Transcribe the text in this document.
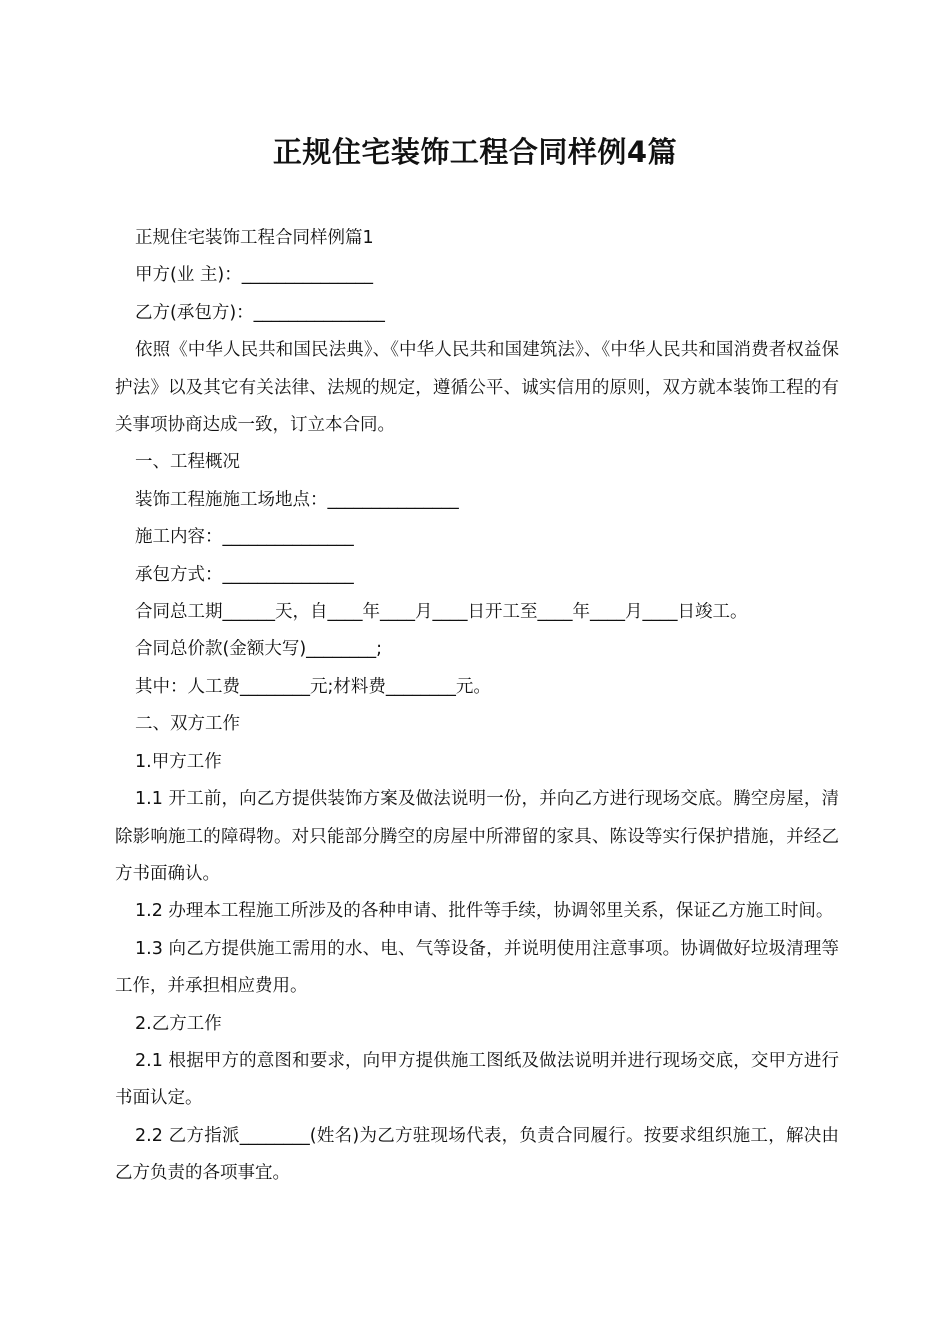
正规住宅装饰工程合同样例4篇

正规住宅装饰工程合同样例篇1

甲方(业 主)：_______________

乙方(承包方)：_______________

依照《中华人民共和国民法典》、《中华人民共和国建筑法》、《中华人民共和国消费者权益保护法》以及其它有关法律、法规的规定，遵循公平、诚实信用的原则，双方就本装饰工程的有关事项协商达成一致，订立本合同。

一、工程概况

装饰工程施施工场地点：_______________

施工内容：_______________

承包方式：_______________

合同总工期______天，自____年____月____日开工至____年____月____日竣工。

合同总价款(金额大写)________;

其中：人工费________元;材料费________元。

二、双方工作

1.甲方工作

1.1 开工前，向乙方提供装饰方案及做法说明一份，并向乙方进行现场交底。腾空房屋，清除影响施工的障碍物。对只能部分腾空的房屋中所滞留的家具、陈设等实行保护措施，并经乙方书面确认。

1.2 办理本工程施工所涉及的各种申请、批件等手续，协调邻里关系，保证乙方施工时间。

1.3 向乙方提供施工需用的水、电、气等设备，并说明使用注意事项。协调做好垃圾清理等工作，并承担相应费用。

2.乙方工作

2.1 根据甲方的意图和要求，向甲方提供施工图纸及做法说明并进行现场交底，交甲方进行书面认定。

2.2 乙方指派________(姓名)为乙方驻现场代表，负责合同履行。按要求组织施工，解决由乙方负责的各项事宜。
